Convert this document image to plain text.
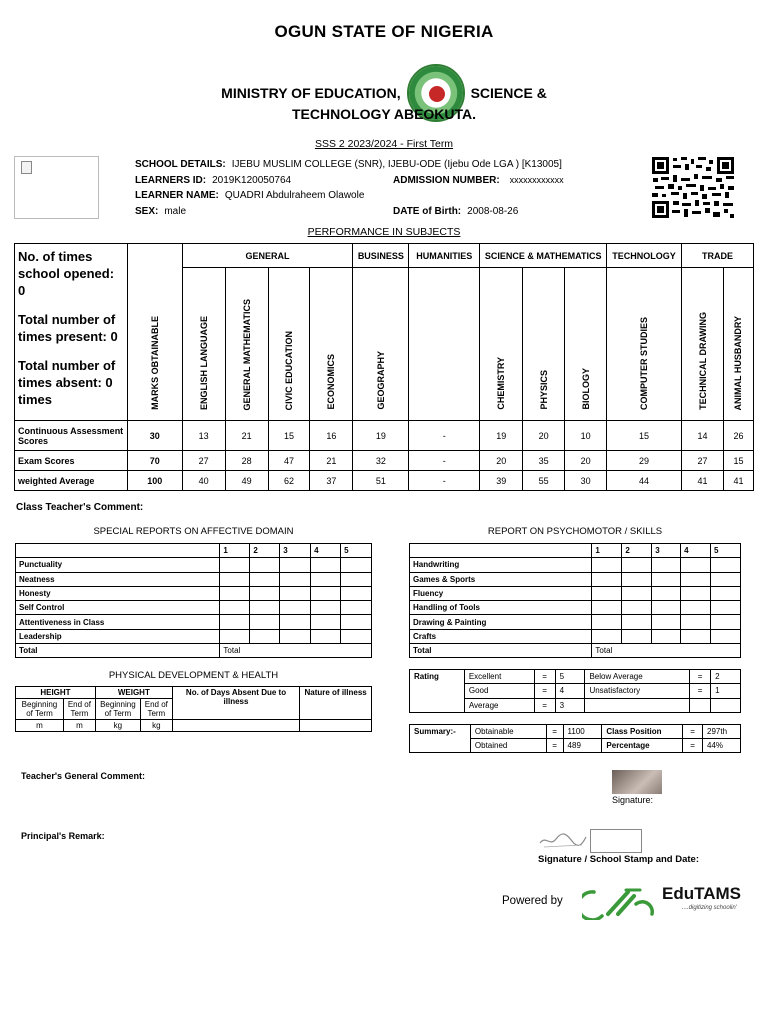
OGUN STATE OF NIGERIA
MINISTRY OF EDUCATION,	SCIENCE &
TECHNOLOGY ABEOKUTA.
SSS 2 2023/2024 - First Term
SCHOOL DETAILS: IJEBU MUSLIM COLLEGE (SNR), IJEBU-ODE (Ijebu Ode LGA ) [K13005]
LEARNERS ID: 2019K120050764	ADMISSION NUMBER: xxxxxxxxxxxx
LEARNER NAME: QUADRI Abdulraheem Olawole
SEX: male	DATE of Birth: 2008-08-26
PERFORMANCE IN SUBJECTS
No. of times school opened: 0
Total number of times present: 0
Total number of times absent: 0 times	MARKS OBTAINABLE	GENERAL				BUSINESS	HUMANITIES	SCIENCE & MATHEMATICS			TECHNOLOGY	TRADE	
		ENGLISH LANGUAGE	GENERAL MATHEMATICS	CIVIC EDUCATION	ECONOMICS	GEOGRAPHY		CHEMISTRY	PHYSICS	BIOLOGY	COMPUTER STUDIES	TECHNICAL DRAWING	ANIMAL HUSBANDRY
Continuous Assessment Scores	30	13	21	15	16	19	-	19	20	10	15	14	26
Exam Scores	70	27	28	47	21	32	-	20	35	20	29	27	15
weighted Average	100	40	49	62	37	51	-	39	55	30	44	41	41
Class Teacher's Comment:
SPECIAL REPORTS ON AFFECTIVE DOMAIN
	1	2	3	4	5
Punctuality					
Neatness					
Honesty					
Self Control					
Attentiveness in Class					
Leadership					
Total	Total				
REPORT ON PSYCHOMOTOR / SKILLS
	1	2	3	4	5
Handwriting					
Games & Sports					
Fluency					
Handling of Tools					
Drawing & Painting					
Crafts					
Total	Total				
PHYSICAL DEVELOPMENT & HEALTH
HEIGHT		WEIGHT		No. of Days Absent Due to illness	Nature of illness
Beginning of Term	End of Term	Beginning of Term	End of Term		
m	m	kg	kg		
Rating	Excellent	=	5	Below Average	=	2
	Good	=	4	Unsatisfactory	=	1
	Average	=	3			
Summary:-	Obtainable	=	1100	Class Position	=	297th
	Obtained	=	489	Percentage	=	44%
Teacher's General Comment:
Signature:
Principal's Remark:
Signature / School Stamp and Date:
Powered by	EduTAMS
....digitizing schoolin'
